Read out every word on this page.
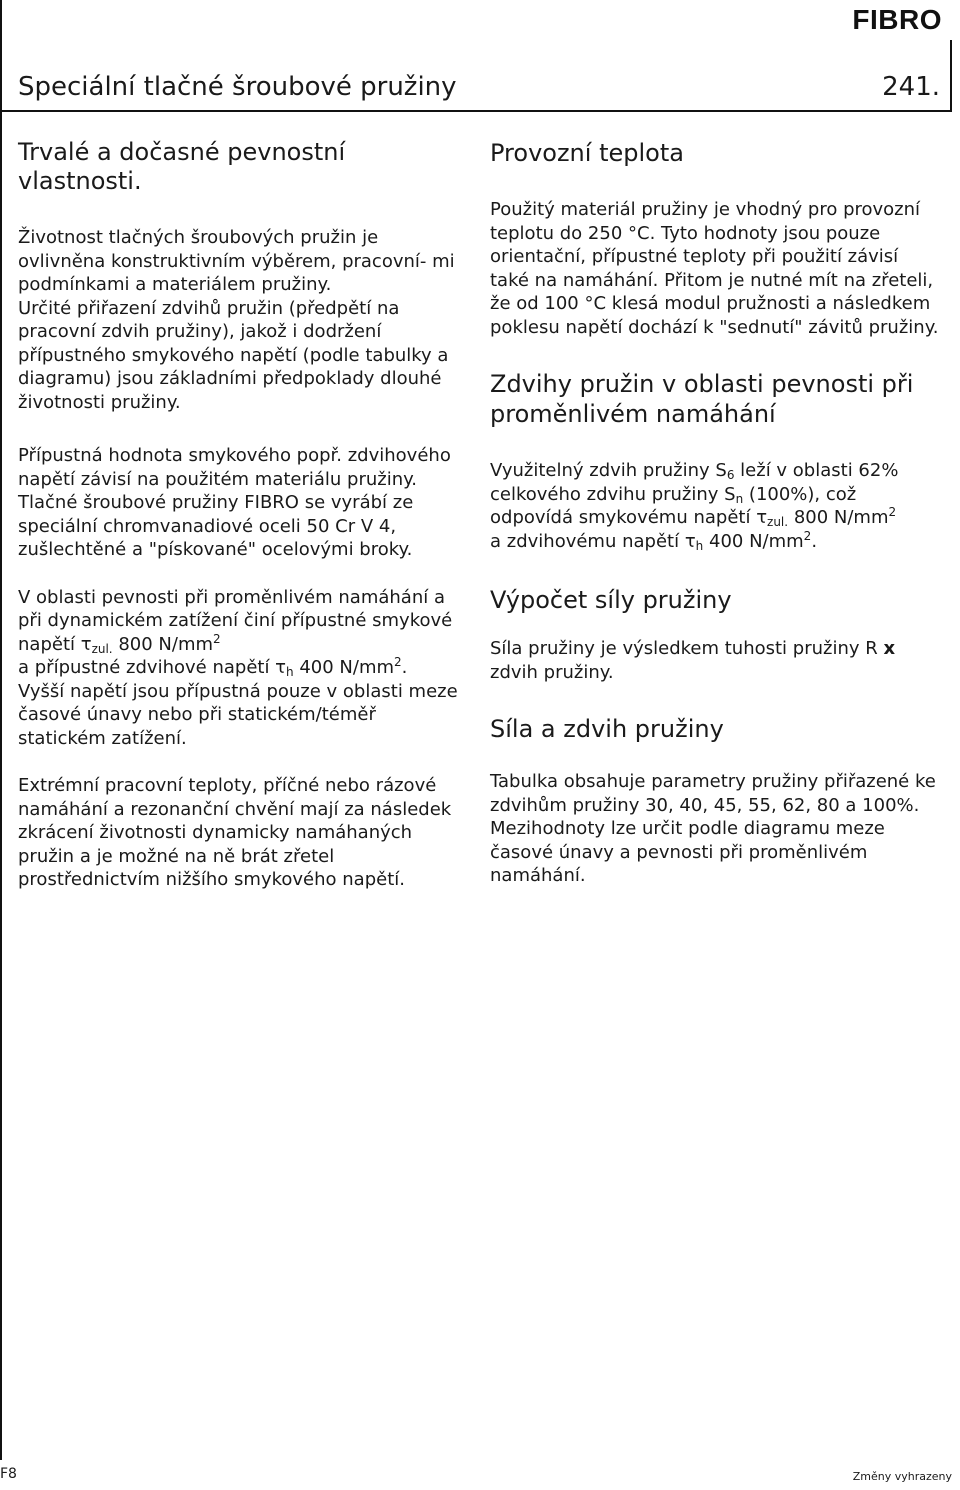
FIBRO
Speciální tlačné šroubové pružiny	241.
Trvalé a dočasné pevnostní vlastnosti.

Životnost tlačných šroubových pružin je ovlivněna konstruktivním výběrem, pracovní- mi podmínkami a materiálem pružiny.

Určité přiřazení zdvihů pružin (předpětí na pracovní zdvih pružiny), jakož i dodržení přípustného smykového napětí (podle tabulky a diagramu) jsou základními předpoklady dlouhé životnosti pružiny.

Přípustná hodnota smykového popř. zdvihového napětí závisí na použitém materiálu pružiny. Tlačné šroubové pružiny FIBRO se vyrábí ze speciální chromvanadiové oceli 50 Cr V 4, zušlechtěné a "pískované" ocelovými broky.

V oblasti pevnosti při proměnlivém namáhání a při dynamickém zatížení činí přípustné smykové napětí $\tau_{zul.}$ 800 $N/mm^2$
a přípustné zdvihové napětí $\tau_h$ 400 $N/mm^2$.
Vyšší napětí jsou přípustná pouze v oblasti meze časové únavy nebo při statickém/téměř statickém zatížení.

Extrémní pracovní teploty, příčné nebo rázové namáhání a rezonanční chvění mají za následek zkrácení životnosti dynamicky namáhaných pružin a je možné na ně brát zřetel prostřednictvím nižšího smykového napětí.

Provozní teplota

Použitý materiál pružiny je vhodný pro provozní teplotu do 250 °C. Tyto hodnoty jsou pouze orientační, přípustné teploty při použití závisí také na namáhání. Přitom je nutné mít na zřeteli, že od 100 °C klesá modul pružnosti a následkem poklesu napětí dochází k "sednutí" závitů pružiny.

Zdvihy pružin v oblasti pevnosti při proměnlivém namáhání

Využitelný zdvih pružiny $S_6$ leží v oblasti 62% celkového zdvihu pružiny $S_n$ (100%), což odpovídá smykovému napětí $\tau_{zul.}$ 800 $N/mm^2$
a zdvihovému napětí $\tau_h$ 400 $N/mm^2$.

Výpočet síly pružiny

Síla pružiny je výsledkem tuhosti pružiny R x zdvih pružiny.

Síla a zdvih pružiny

Tabulka obsahuje parametry pružiny přiřazené ke zdvihům pružiny 30, 40, 45, 55, 62, 80 a 100%. Mezihodnoty lze určit podle diagramu meze časové únavy a pevnosti při proměnlivém namáhání.

F8	Změny vyhrazeny
